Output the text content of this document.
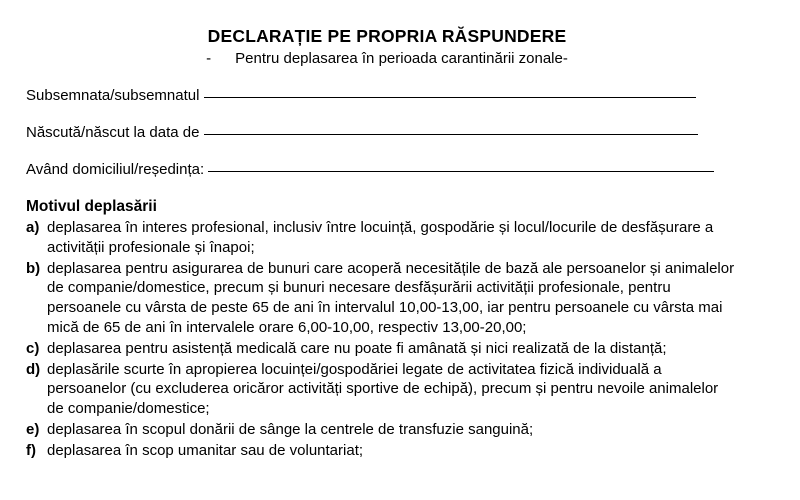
DECLARAȚIE PE PROPRIA RĂSPUNDERE
- Pentru deplasarea în perioada carantinării zonale-
Subsemnata/subsemnatul
Născută/născut la data de
Având domiciliul/reședința:
Motivul deplasării
a) deplasarea în interes profesional, inclusiv între locuință, gospodărie și locul/locurile de desfășurare a activității profesionale și înapoi;
b) deplasarea pentru asigurarea de bunuri care acoperă necesitățile de bază ale persoanelor și animalelor de companie/domestice, precum și bunuri necesare desfășurării activității profesionale, pentru persoanele cu vârsta de peste 65 de ani în intervalul 10,00-13,00, iar pentru persoanele cu vârsta mai mică de 65 de ani în intervalele orare 6,00-10,00, respectiv 13,00-20,00;
c) deplasarea pentru asistență medicală care nu poate fi amânată și nici realizată de la distanță;
d) deplasările scurte în apropierea locuinței/gospodăriei legate de activitatea fizică individuală a persoanelor (cu excluderea oricăror activități sportive de echipă), precum și pentru nevoile animalelor de companie/domestice;
e) deplasarea în scopul donării de sânge la centrele de transfuzie sanguină;
f) deplasarea în scop umanitar sau de voluntariat;
